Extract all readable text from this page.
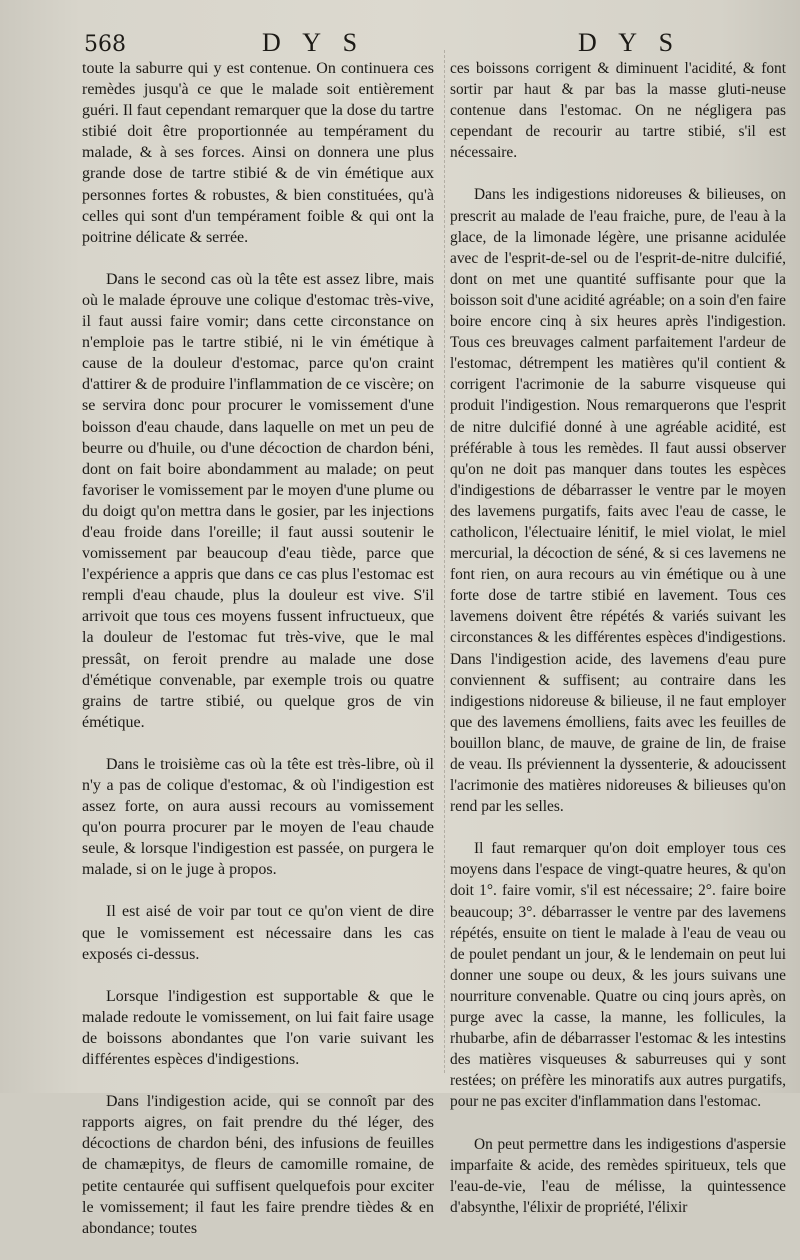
568	D Y S	D Y S

toute la saburre qui y est contenue. On continuera ces remèdes jusqu'à ce que le malade soit entièrement guéri. Il faut cependant remarquer que la dose du tartre stibié doit être proportionnée au tempérament du malade, & à ses forces. Ainsi on donnera une plus grande dose de tartre stibié & de vin émétique aux personnes fortes & robustes, & bien constituées, qu'à celles qui sont d'un tempérament foible & qui ont la poitrine délicate & serrée.

Dans le second cas où la tête est assez libre, mais où le malade éprouve une colique d'estomac très-vive, il faut aussi faire vomir; dans cette circonstance on n'emploie pas le tartre stibié, ni le vin émétique à cause de la douleur d'estomac, parce qu'on craint d'attirer & de produire l'inflammation de ce viscère; on se servira donc pour procurer le vomissement d'une boisson d'eau chaude, dans laquelle on met un peu de beurre ou d'huile, ou d'une décoction de chardon béni, dont on fait boire abondamment au malade; on peut favoriser le vomissement par le moyen d'une plume ou du doigt qu'on mettra dans le gosier, par les injections d'eau froide dans l'oreille; il faut aussi soutenir le vomissement par beaucoup d'eau tiède, parce que l'expérience a appris que dans ce cas plus l'estomac est rempli d'eau chaude, plus la douleur est vive. S'il arrivoit que tous ces moyens fussent infructueux, que la douleur de l'estomac fut très-vive, que le mal pressât, on feroit prendre au malade une dose d'émétique convenable, par exemple trois ou quatre grains de tartre stibié, ou quelque gros de vin émétique.

Dans le troisième cas où la tête est très-libre, où il n'y a pas de colique d'estomac, & où l'indigestion est assez forte, on aura aussi recours au vomissement qu'on pourra procurer par le moyen de l'eau chaude seule, & lorsque l'indigestion est passée, on purgera le malade, si on le juge à propos.

Il est aisé de voir par tout ce qu'on vient de dire que le vomissement est nécessaire dans les cas exposés ci-dessus.

Lorsque l'indigestion est supportable & que le malade redoute le vomissement, on lui fait faire usage de boissons abondantes que l'on varie suivant les différentes espèces d'indigestions.

Dans l'indigestion acide, qui se connoît par des rapports aigres, on fait prendre du thé léger, des décoctions de chardon béni, des infusions de feuilles de chamæpitys, de fleurs de camomille romaine, de petite centaurée qui suffisent quelquefois pour exciter le vomissement; il faut les faire prendre tièdes & en abondance; toutes

ces boissons corrigent & diminuent l'acidité, & font sortir par haut & par bas la masse gluti-neuse contenue dans l'estomac. On ne négligera pas cependant de recourir au tartre stibié, s'il est nécessaire.

Dans les indigestions nidoreuses & bilieuses, on prescrit au malade de l'eau fraiche, pure, de l'eau à la glace, de la limonade légère, une prisanne acidulée avec de l'esprit-de-sel ou de l'esprit-de-nitre dulcifié, dont on met une quantité suffisante pour que la boisson soit d'une acidité agréable; on a soin d'en faire boire encore cinq à six heures après l'indigestion. Tous ces breuvages calment parfaitement l'ardeur de l'estomac, détrempent les matières qu'il contient & corrigent l'acrimonie de la saburre visqueuse qui produit l'indigestion. Nous remarquerons que l'esprit de nitre dulcifié donné à une agréable acidité, est préférable à tous les remèdes. Il faut aussi observer qu'on ne doit pas manquer dans toutes les espèces d'indigestions de débarrasser le ventre par le moyen des lavemens purgatifs, faits avec l'eau de casse, le catholicon, l'électuaire lénitif, le miel violat, le miel mercurial, la décoction de séné, & si ces lavemens ne font rien, on aura recours au vin émétique ou à une forte dose de tartre stibié en lavement. Tous ces lavemens doivent être répétés & variés suivant les circonstances & les différentes espèces d'indigestions. Dans l'indigestion acide, des lavemens d'eau pure conviennent & suffisent; au contraire dans les indigestions nidoreuse & bilieuse, il ne faut employer que des lavemens émolliens, faits avec les feuilles de bouillon blanc, de mauve, de graine de lin, de fraise de veau. Ils préviennent la dyssenterie, & adoucissent l'acrimonie des matières nidoreuses & bilieuses qu'on rend par les selles.

Il faut remarquer qu'on doit employer tous ces moyens dans l'espace de vingt-quatre heures, & qu'on doit 1°. faire vomir, s'il est nécessaire; 2°. faire boire beaucoup; 3°. débarrasser le ventre par des lavemens répétés, ensuite on tient le malade à l'eau de veau ou de poulet pendant un jour, & le lendemain on peut lui donner une soupe ou deux, & les jours suivans une nourriture convenable. Quatre ou cinq jours après, on purge avec la casse, la manne, les follicules, la rhubarbe, afin de débarrasser l'estomac & les intestins des matières visqueuses & saburreuses qui y sont restées; on préfère les minoratifs aux autres purgatifs, pour ne pas exciter d'inflammation dans l'estomac.

On peut permettre dans les indigestions d'aspersie imparfaite & acide, des remèdes spiritueux, tels que l'eau-de-vie, l'eau de mélisse, la quintessence d'absynthe, l'élixir de propriété, l'élixir
